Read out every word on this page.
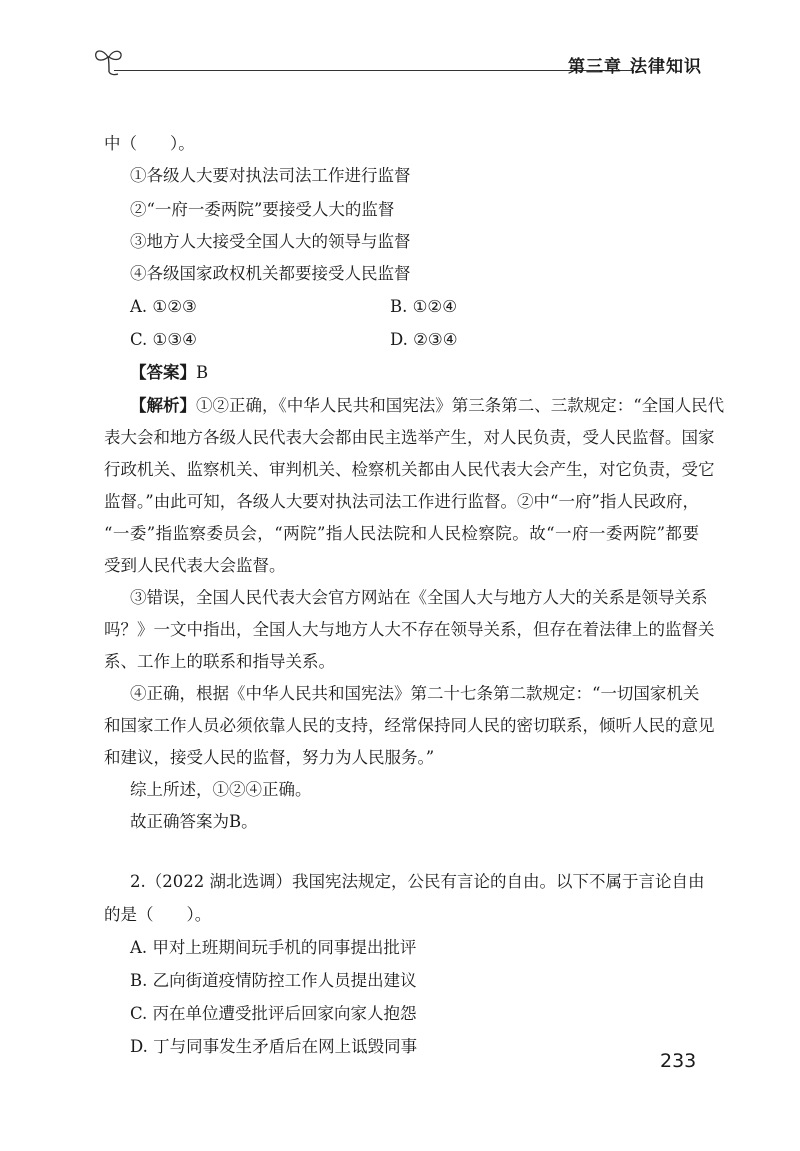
第三章 法律知识
中（　　）。
①各级人大要对执法司法工作进行监督
②“一府一委两院”要接受人大的监督
③地方人大接受全国人大的领导与监督
④各级国家政权机关都要接受人民监督
A. ①②③	B. ①②④
C. ①③④	D. ②③④
【答案】B
【解析】①②正确，《中华人民共和国宪法》第三条第二、三款规定：“全国人民代
表大会和地方各级人民代表大会都由民主选举产生，对人民负责，受人民监督。国家
行政机关、监察机关、审判机关、检察机关都由人民代表大会产生，对它负责，受它
监督。”由此可知，各级人大要对执法司法工作进行监督。②中“一府”指人民政府，
“一委”指监察委员会，“两院”指人民法院和人民检察院。故“一府一委两院”都要
受到人民代表大会监督。
③错误，全国人民代表大会官方网站在《全国人大与地方人大的关系是领导关系
吗？》一文中指出，全国人大与地方人大不存在领导关系，但存在着法律上的监督关
系、工作上的联系和指导关系。
④正确，根据《中华人民共和国宪法》第二十七条第二款规定：“一切国家机关
和国家工作人员必须依靠人民的支持，经常保持同人民的密切联系，倾听人民的意见
和建议，接受人民的监督，努力为人民服务。”
综上所述，①②④正确。
故正确答案为B。
2.（2022 湖北选调）我国宪法规定，公民有言论的自由。以下不属于言论自由
的是（　　）。
A. 甲对上班期间玩手机的同事提出批评
B. 乙向街道疫情防控工作人员提出建议
C. 丙在单位遭受批评后回家向家人抱怨
D. 丁与同事发生矛盾后在网上诋毁同事
233
